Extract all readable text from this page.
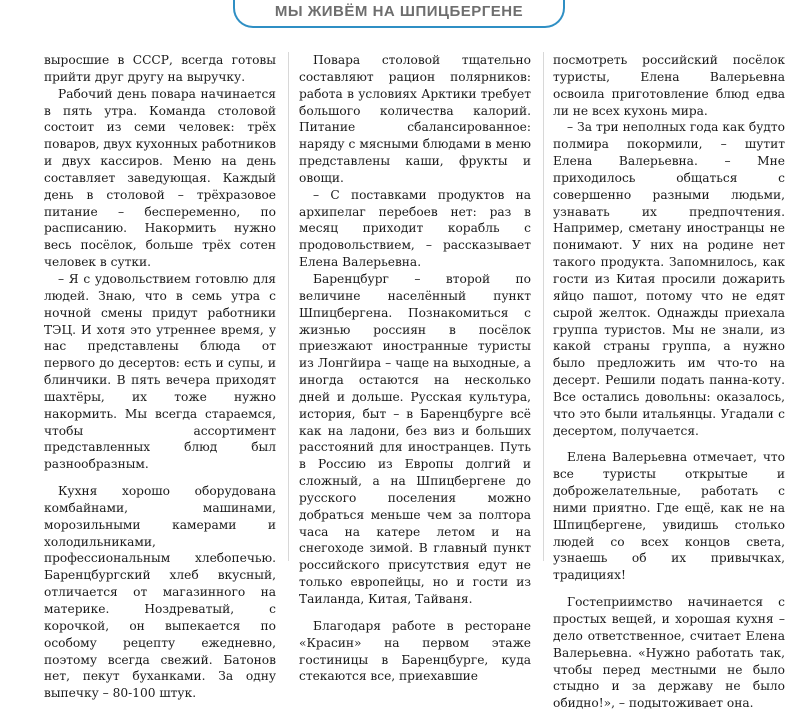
МЫ ЖИВЁМ НА ШПИЦБЕРГЕНЕ

выросшие в СССР, всегда готовы прийти друг другу на выручку.

Рабочий день повара начинается в пять утра. Команда столовой состоит из семи человек: трёх поваров, двух кухонных работников и двух кассиров. Меню на день составляет заведующая. Каждый день в столовой – трёхразовое питание – беспеременно, по расписанию. Накормить нужно весь посёлок, больше трёх сотен человек в сутки.

– Я с удовольствием готовлю для людей. Знаю, что в семь утра с ночной смены придут работники ТЭЦ. И хотя это утреннее время, у нас представлены блюда от первого до десертов: есть и супы, и блинчики. В пять вечера приходят шахтёры, их тоже нужно накормить. Мы всегда стараемся, чтобы ассортимент представленных блюд был разнообразным.

Кухня хорошо оборудована комбайнами, машинами, морозильными камерами и холодильниками, профессиональным хлебопечью. Баренцбургский хлеб вкусный, отличается от магазинного на материке. Ноздреватый, с корочкой, он выпекается по особому рецепту ежедневно, поэтому всегда свежий. Батонов нет, пекут буханками. За одну выпечку – 80-100 штук.

Повара столовой тщательно составляют рацион полярников: работа в условиях Арктики требует большого количества калорий. Питание сбалансированное: наряду с мясными блюдами в меню представлены каши, фрукты и овощи.

– С поставками продуктов на архипелаг перебоев нет: раз в месяц приходит корабль с продовольствием, – рассказывает Елена Валерьевна.

Баренцбург – второй по величине населённый пункт Шпицбергена. Познакомиться с жизнью россиян в посёлок приезжают иностранные туристы из Лонгйира – чаще на выходные, а иногда остаются на несколько дней и дольше. Русская культура, история, быт – в Баренцбурге всё как на ладони, без виз и больших расстояний для иностранцев. Путь в Россию из Европы долгий и сложный, а на Шпицбергене до русского поселения можно добраться меньше чем за полтора часа на катере летом и на снегоходе зимой. В главный пункт российского присутствия едут не только европейцы, но и гости из Таиланда, Китая, Тайваня.

Благодаря работе в ресторане «Красин» на первом этаже гостиницы в Баренцбурге, куда стекаются все, приехавшие

посмотреть российский посёлок туристы, Елена Валерьевна освоила приготовление блюд едва ли не всех кухонь мира.

– За три неполных года как будто полмира покормили, – шутит Елена Валерьевна. – Мне приходилось общаться с совершенно разными людьми, узнавать их предпочтения. Например, сметану иностранцы не понимают. У них на родине нет такого продукта. Запомнилось, как гости из Китая просили дожарить яйцо пашот, потому что не едят сырой желток. Однажды приехала группа туристов. Мы не знали, из какой страны группа, а нужно было предложить им что-то на десерт. Решили подать панна-коту. Все остались довольны: оказалось, что это были итальянцы. Угадали с десертом, получается.

Елена Валерьевна отмечает, что все туристы открытые и доброжелательные, работать с ними приятно. Где ещё, как не на Шпицбергене, увидишь столько людей со всех концов света, узнаешь об их привычках, традициях!

Гостеприимство начинается с простых вещей, и хорошая кухня – дело ответственное, считает Елена Валерьевна. «Нужно работать так, чтобы перед местными не было стыдно и за державу не было обидно!», – подытоживает она.
